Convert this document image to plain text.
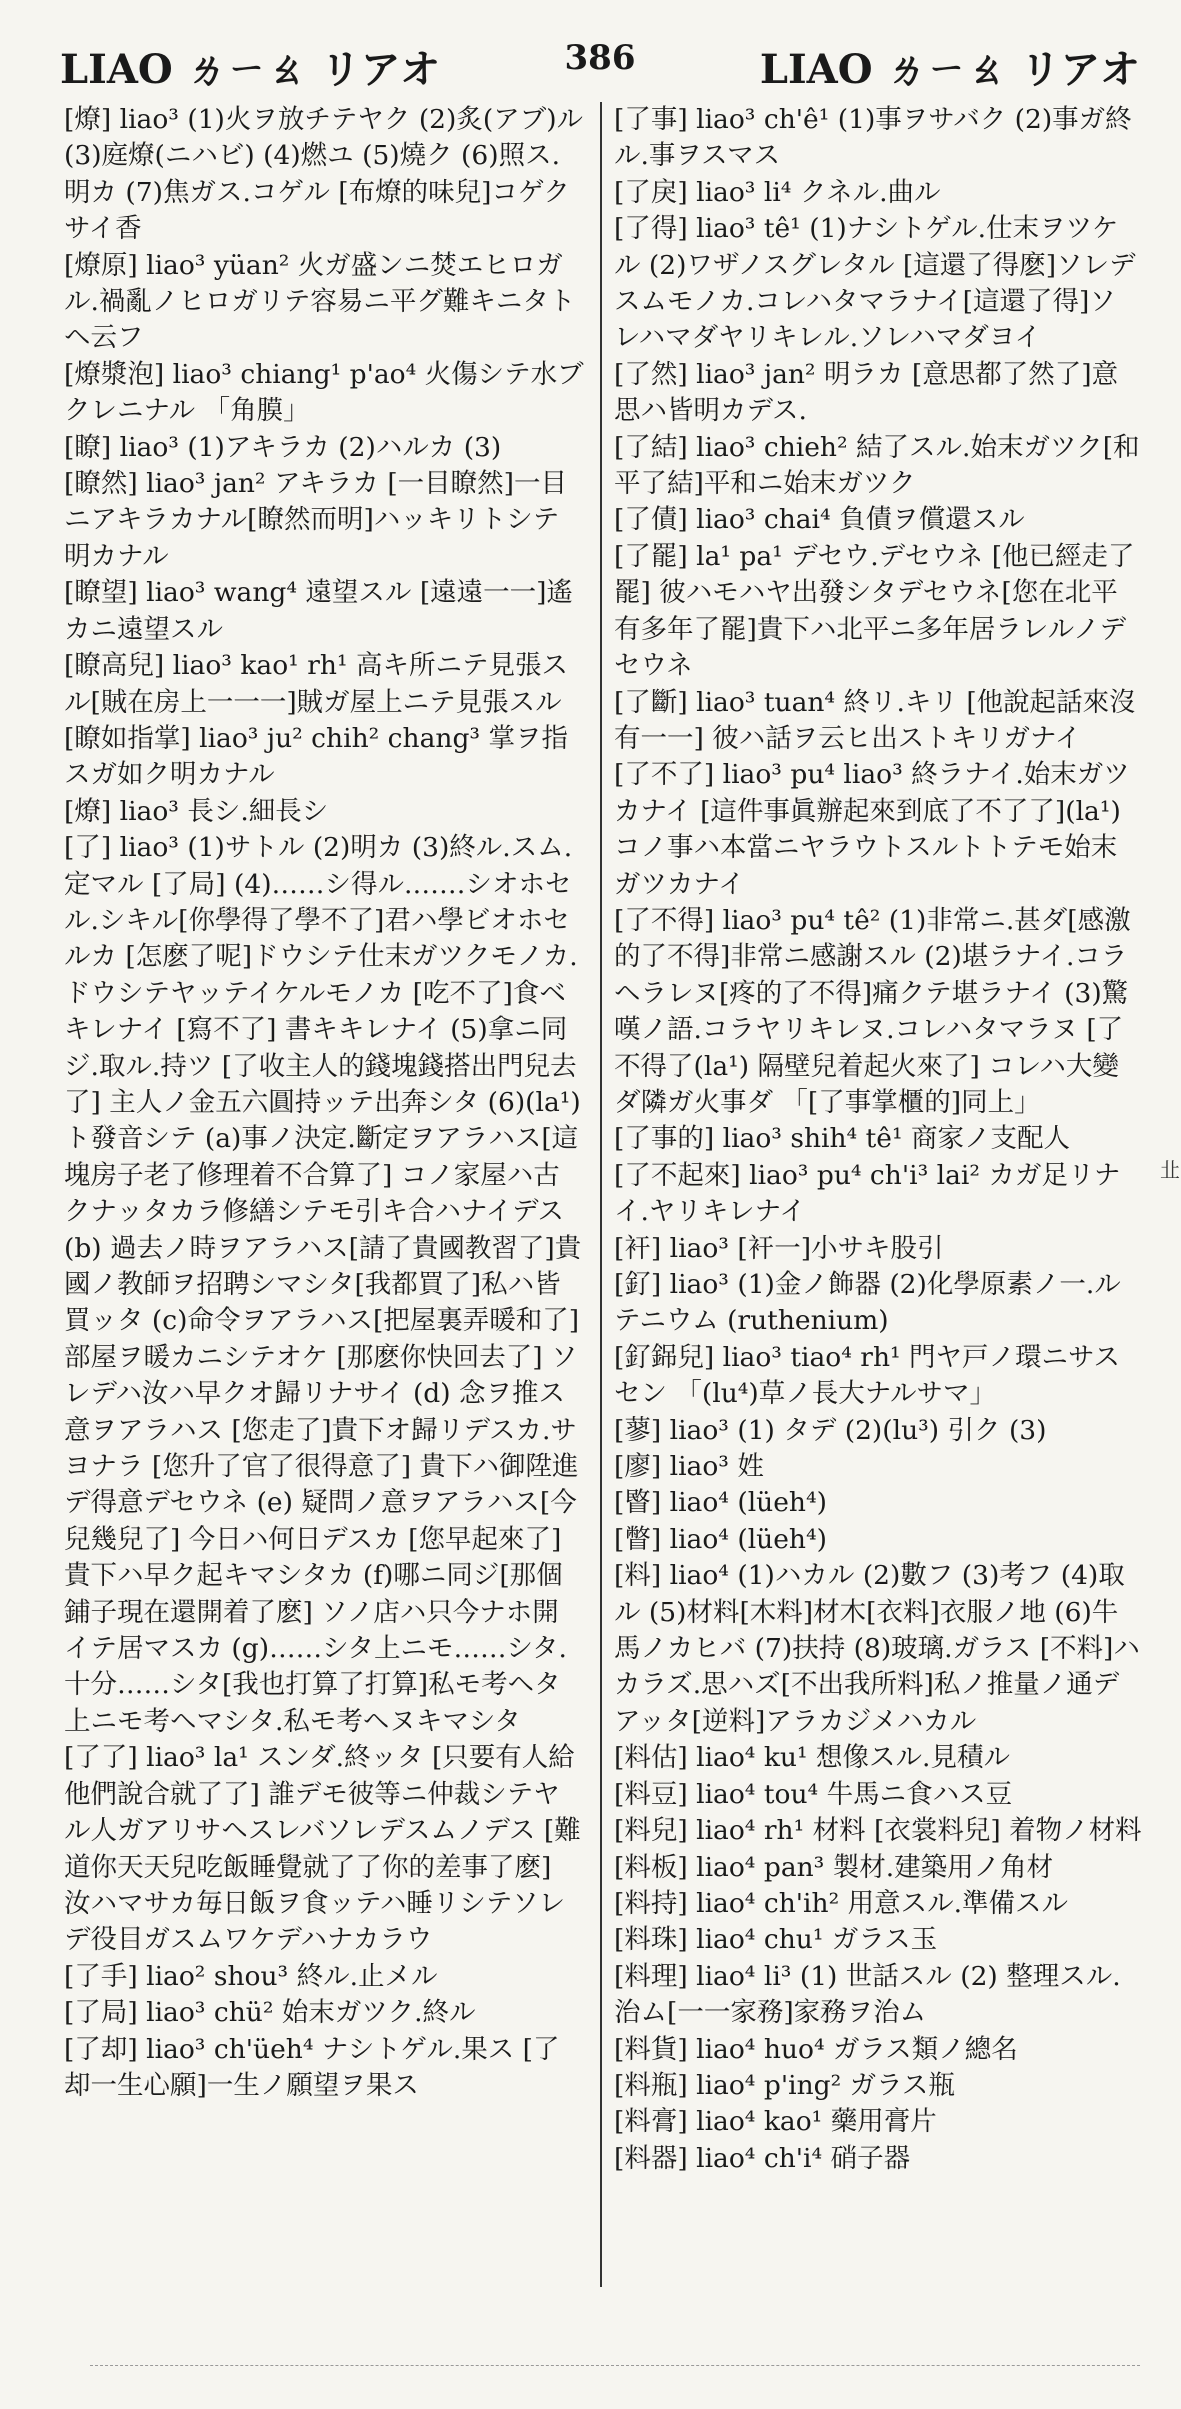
LIAO ㄌㄧㄠ リアオ	386	LIAO ㄌㄧㄠ リアオ

[燎] liao³ (1)火ヲ放チテヤク (2)炙(アブ)ル (3)庭燎(ニハビ) (4)燃ユ (5)燒ク (6)照ス.明カ (7)焦ガス.コゲル [布燎的味兒]コゲクサイ香

[燎原] liao³ yüan² 火ガ盛ンニ焚エヒロガル.禍亂ノヒロガリテ容易ニ平グ難キニタトヘ云フ

[燎漿泡] liao³ chiang¹ p'ao⁴ 火傷シテ水ブクレニナル 「角膜」

[瞭] liao³ (1)アキラカ (2)ハルカ (3)

[瞭然] liao³ jan² アキラカ [一目瞭然]一目ニアキラカナル[瞭然而明]ハッキリトシテ明カナル

[瞭望] liao³ wang⁴ 遠望スル [遠遠一一]遙カニ遠望スル

[瞭高兒] liao³ kao¹ rh¹ 高キ所ニテ見張スル[賊在房上一一一]賊ガ屋上ニテ見張スル

[瞭如指掌] liao³ ju² chih² chang³ 掌ヲ指スガ如ク明カナル

[燎] liao³ 長シ.細長シ

[了] liao³ (1)サトル (2)明カ (3)終ル.スム.定マル [了局] (4)……シ得ル.……シオホセル.シキル[你學得了學不了]君ハ學ビオホセルカ [怎麽了呢]ドウシテ仕末ガツクモノカ.ドウシテヤッテイケルモノカ [吃不了]食ベキレナイ [寫不了] 書キキレナイ (5)拿ニ同ジ.取ル.持ツ [了收主人的錢塊錢搭出門兒去了] 主人ノ金五六圓持ッテ出奔シタ (6)(la¹)ト發音シテ (a)事ノ決定.斷定ヲアラハス[這塊房子老了修理着不合算了] コノ家屋ハ古クナッタカラ修繕シテモ引キ合ハナイデス (b) 過去ノ時ヲアラハス[請了貴國教習了]貴國ノ教師ヲ招聘シマシタ[我都買了]私ハ皆買ッタ (c)命令ヲアラハス[把屋裏弄暖和了]部屋ヲ暖カニシテオケ [那麽你快回去了] ソレデハ汝ハ早クオ歸リナサイ (d) 念ヲ推ス意ヲアラハス [您走了]貴下オ歸リデスカ.サヨナラ [您升了官了很得意了] 貴下ハ御陞進デ得意デセウネ (e) 疑問ノ意ヲアラハス[今兒幾兒了] 今日ハ何日デスカ [您早起來了]貴下ハ早ク起キマシタカ (f)哪ニ同ジ[那個鋪子現在還開着了麽] ソノ店ハ只今ナホ開イテ居マスカ (g)……シタ上ニモ……シタ.十分……シタ[我也打算了打算]私モ考ヘタ上ニモ考ヘマシタ.私モ考ヘヌキマシタ

[了了] liao³ la¹ スンダ.終ッタ [只要有人給他們說合就了了] 誰デモ彼等ニ仲裁シテヤル人ガアリサヘスレバソレデスムノデス [難道你天天兒吃飯睡覺就了了你的差事了麽] 汝ハマサカ毎日飯ヲ食ッテハ睡リシテソレデ役目ガスムワケデハナカラウ

[了手] liao² shou³ 終ル.止メル

[了局] liao³ chü² 始末ガツク.終ル

[了却] liao³ ch'üeh⁴ ナシトゲル.果ス [了却一生心願]一生ノ願望ヲ果ス

[了事] liao³ ch'ê¹ (1)事ヲサバク (2)事ガ終ル.事ヲスマス

[了戾] liao³ li⁴ クネル.曲ル

[了得] liao³ tê¹ (1)ナシトゲル.仕末ヲツケル (2)ワザノスグレタル [這還了得麽]ソレデスムモノカ.コレハタマラナイ[這還了得]ソレハマダヤリキレル.ソレハマダヨイ

[了然] liao³ jan² 明ラカ [意思都了然了]意思ハ皆明カデス.

[了結] liao³ chieh² 結了スル.始末ガツク[和平了結]平和ニ始末ガツク

[了債] liao³ chai⁴ 負債ヲ償還スル

[了罷] la¹ pa¹ デセウ.デセウネ [他已經走了罷] 彼ハモハヤ出發シタデセウネ[您在北平有多年了罷]貴下ハ北平ニ多年居ラレルノデセウネ

[了斷] liao³ tuan⁴ 終リ.キリ [他說起話來沒有一一] 彼ハ話ヲ云ヒ出ストキリガナイ

[了不了] liao³ pu⁴ liao³ 終ラナイ.始末ガツカナイ [這件事眞辦起來到底了不了了](la¹) コノ事ハ本當ニヤラウトスルトトテモ始末ガツカナイ

[了不得] liao³ pu⁴ tê² (1)非常ニ.甚ダ[感激的了不得]非常ニ感謝スル (2)堪ラナイ.コラヘラレヌ[疼的了不得]痛クテ堪ラナイ (3)驚嘆ノ語.コラヤリキレヌ.コレハタマラヌ [了不得了(la¹) 隔壁兒着起火來了] コレハ大變ダ隣ガ火事ダ 「[了事掌櫃的]同上」

[了事的] liao³ shih⁴ tê¹ 商家ノ支配人

[了不起來] liao³ pu⁴ ch'i³ lai² カガ足リナイ.ヤリキレナイ

[衦] liao³ [衦一]小サキ股引

[釕] liao³ (1)金ノ飾器 (2)化學原素ノ一.ルテニウム (ruthenium)

[釕銱兒] liao³ tiao⁴ rh¹ 門ヤ戸ノ環ニサスセン 「(lu⁴)草ノ長大ナルサマ」

[蓼] liao³ (1) タデ (2)(lu³) 引ク (3)

[廖] liao³ 姓

[睯] liao⁴ (lüeh⁴)

[瞥] liao⁴ (lüeh⁴)

[料] liao⁴ (1)ハカル (2)數フ (3)考フ (4)取ル (5)材料[木料]材木[衣料]衣服ノ地 (6)牛馬ノカヒバ (7)扶持 (8)玻璃.ガラス [不料]ハカラズ.思ハズ[不出我所料]私ノ推量ノ通デアッタ[逆料]アラカジメハカル

[料估] liao⁴ ku¹ 想像スル.見積ル

[料豆] liao⁴ tou⁴ 牛馬ニ食ハス豆

[料兒] liao⁴ rh¹ 材料 [衣裳料兒] 着物ノ材料

[料板] liao⁴ pan³ 製材.建築用ノ角材

[料持] liao⁴ ch'ih² 用意スル.準備スル

[料珠] liao⁴ chu¹ ガラス玉

[料理] liao⁴ li³ (1) 世話スル (2) 整理スル.治ム[一一家務]家務ヲ治ム

[料貨] liao⁴ huo⁴ ガラス類ノ總名

[料瓶] liao⁴ p'ing² ガラス瓶

[料膏] liao⁴ kao¹ 藥用膏片

[料器] liao⁴ ch'i⁴ 硝子器

㐀
